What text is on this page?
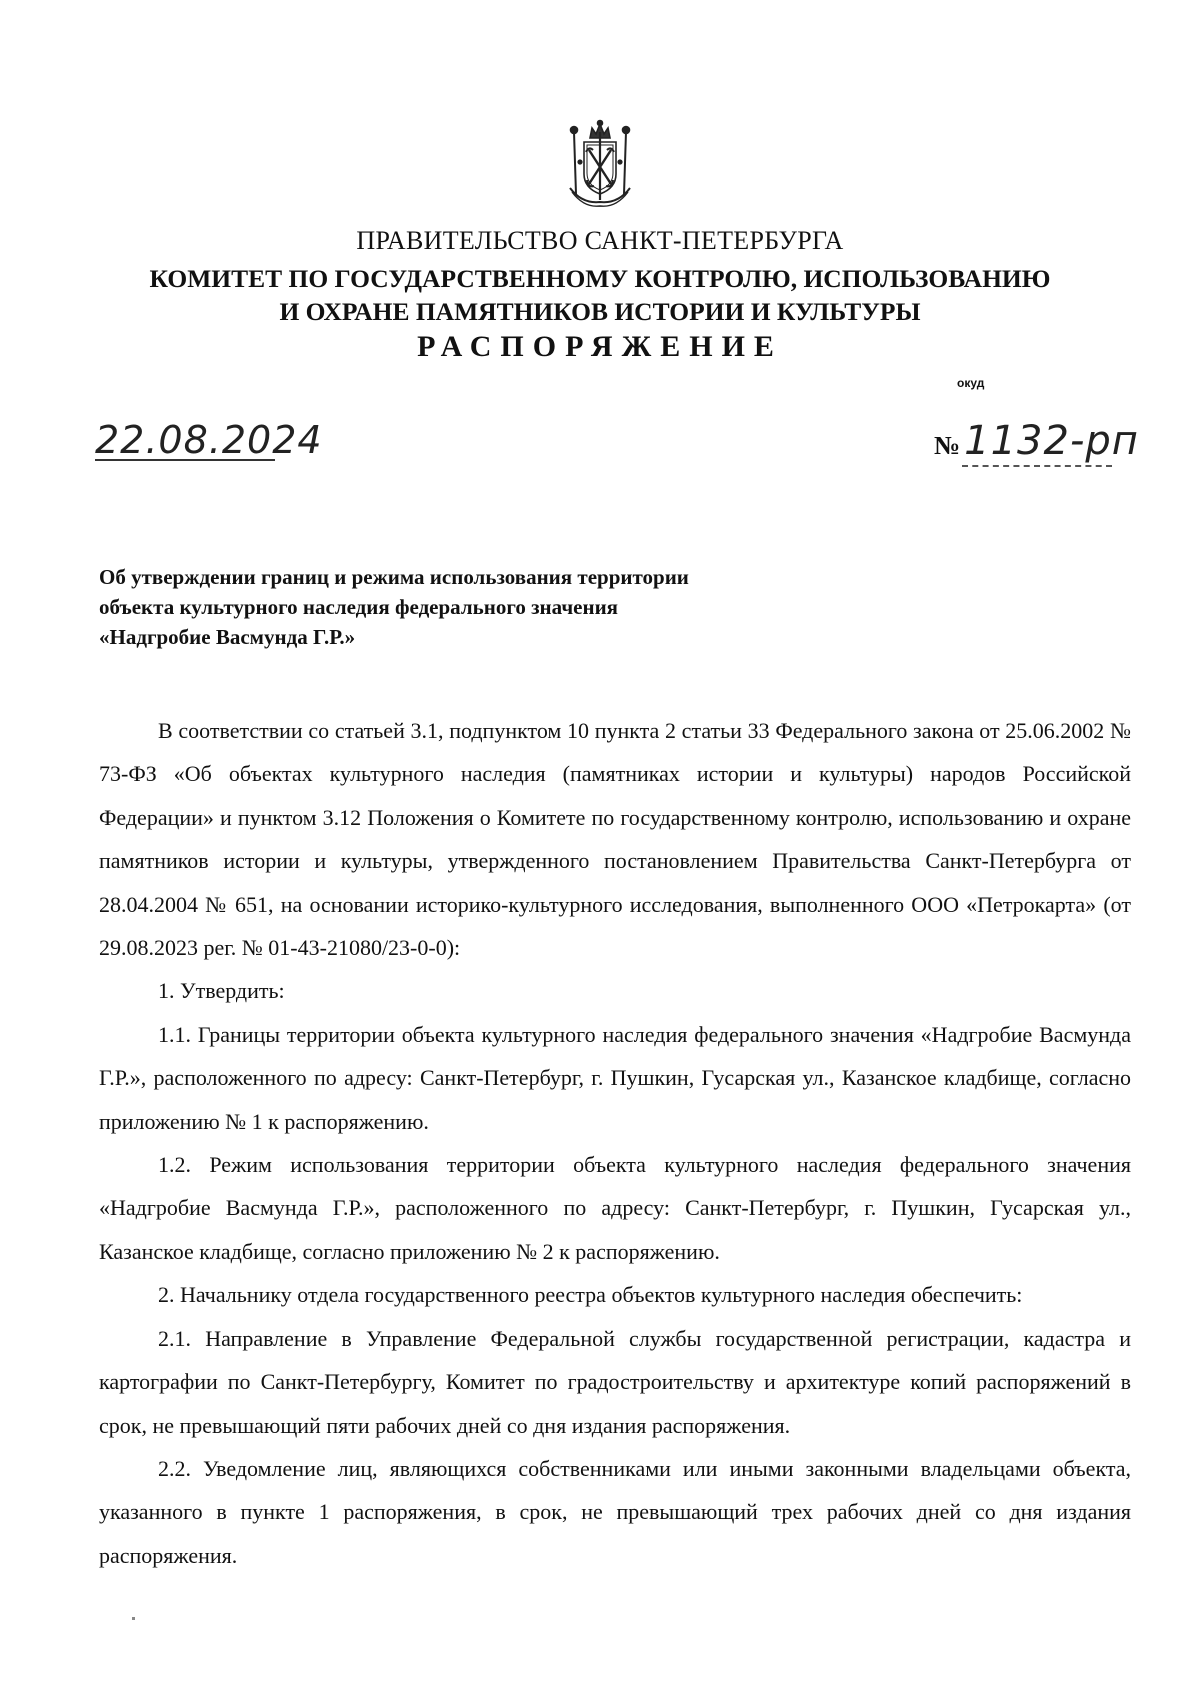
ПРАВИТЕЛЬСТВО САНКТ-ПЕТЕРБУРГА
КОМИТЕТ ПО ГОСУДАРСТВЕННОМУ КОНТРОЛЮ, ИСПОЛЬЗОВАНИЮ
И ОХРАНЕ ПАМЯТНИКОВ ИСТОРИИ И КУЛЬТУРЫ
РАСПОРЯЖЕНИЕ
окуд
22.08.2024	№ 1132-рп
Об утверждении границ и режима использования территории
объекта культурного наследия федерального значения
«Надгробие Васмунда Г.Р.»

В соответствии со статьей 3.1, подпунктом 10 пункта 2 статьи 33 Федерального закона от 25.06.2002 № 73-ФЗ «Об объектах культурного наследия (памятниках истории и культуры) народов Российской Федерации» и пунктом 3.12 Положения о Комитете по государственному контролю, использованию и охране памятников истории и культуры, утвержденного постановлением Правительства Санкт-Петербурга от 28.04.2004 № 651, на основании историко-культурного исследования, выполненного ООО «Петрокарта» (от 29.08.2023 рег. № 01-43-21080/23-0-0):

1. Утвердить:

1.1. Границы территории объекта культурного наследия федерального значения «Надгробие Васмунда Г.Р.», расположенного по адресу: Санкт-Петербург, г. Пушкин, Гусарская ул., Казанское кладбище, согласно приложению № 1 к распоряжению.

1.2. Режим использования территории объекта культурного наследия федерального значения «Надгробие Васмунда Г.Р.», расположенного по адресу: Санкт-Петербург, г. Пушкин, Гусарская ул., Казанское кладбище, согласно приложению № 2 к распоряжению.

2. Начальнику отдела государственного реестра объектов культурного наследия обеспечить:

2.1. Направление в Управление Федеральной службы государственной регистрации, кадастра и картографии по Санкт-Петербургу, Комитет по градостроительству и архитектуре копий распоряжений в срок, не превышающий пяти рабочих дней со дня издания распоряжения.

2.2. Уведомление лиц, являющихся собственниками или иными законными владельцами объекта, указанного в пункте 1 распоряжения, в срок, не превышающий трех рабочих дней со дня издания распоряжения.
